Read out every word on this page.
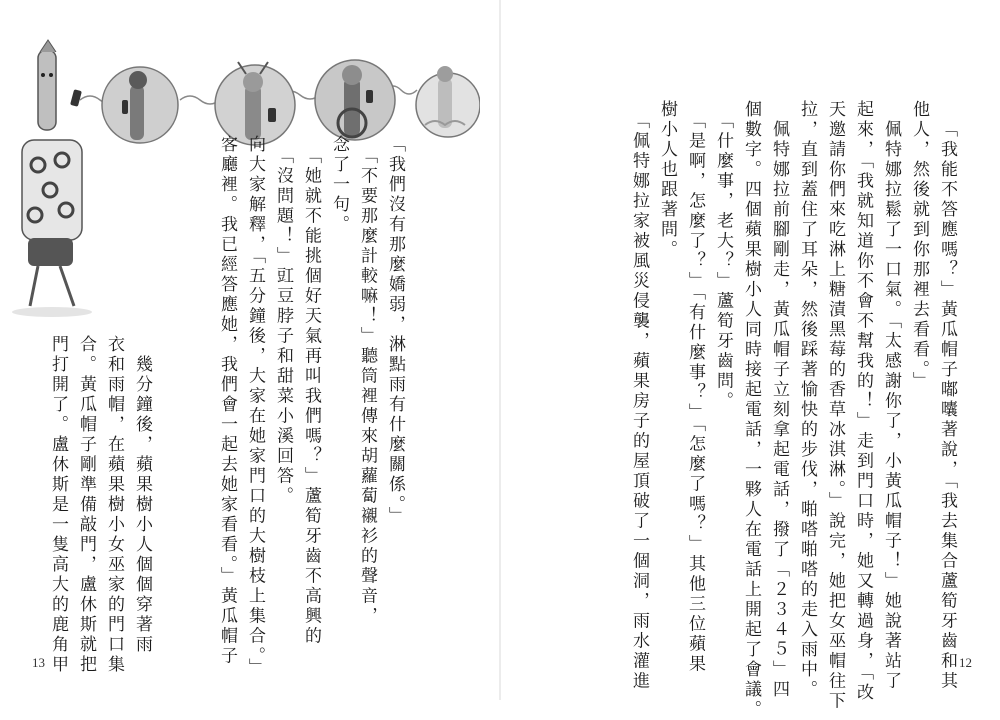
客廳裡。我已經答應她，我們會一起去她家看看。」黃瓜帽子 向大家解釋，「五分鐘後，大家在她家門口的大樹枝上集合。」 　「沒問題！」豇豆脖子和甜菜小溪回答。 　「她就不能挑個好天氣再叫我們嗎？」蘆筍牙齒不高興的 念了一句。 　「不要那麼計較嘛！」聽筒裡傳來胡蘿蔔襯衫的聲音， 「我們沒有那麼嬌弱，淋點雨有什麼關係。」
　幾分鐘後，蘋果樹小人個個穿著雨
衣和雨帽，在蘋果樹小女巫家的門口集
合。黃瓜帽子剛準備敲門，盧休斯就把
門打開了。盧休斯是一隻高大的鹿角甲
13	「我能不答應嗎？」黃瓜帽子嘟囔著說，「我去集合蘆筍牙齒和其
他人，然後就到你那裡去看看。」
　佩特娜拉鬆了一口氣。「太感謝你了，小黃瓜帽子！」她說著站了
起來，「我就知道你不會不幫我的！」走到門口時，她又轉過身，「改
天邀請你們來吃淋上糖漬黑莓的香草冰淇淋。」說完，她把女巫帽往下
拉，直到蓋住了耳朵，然後踩著愉快的步伐，啪嗒啪嗒的走入雨中。
　佩特娜拉前腳剛走，黃瓜帽子立刻拿起電話，撥了「２３４５」四
個數字。四個蘋果樹小人同時接起電話，一夥人在電話上開起了會議。
　「什麼事，老大？」蘆筍牙齒問。
　「是啊，怎麼了？」「有什麼事？」「怎麼了嗎？」其他三位蘋果
樹小人也跟著問。
　「佩特娜拉家被風災侵襲，蘋果房子的屋頂破了一個洞，雨水灌進	12
